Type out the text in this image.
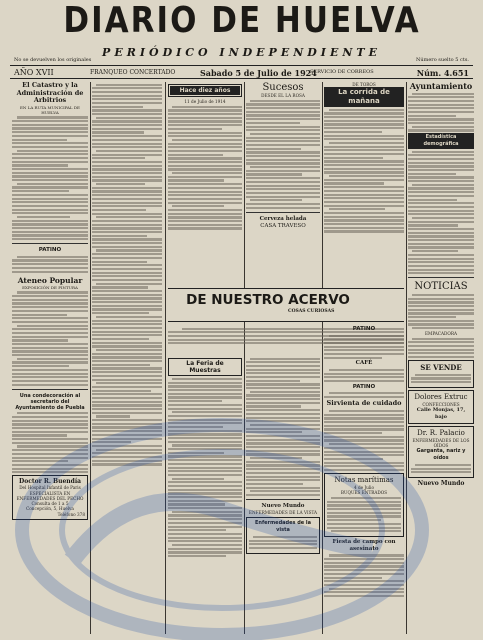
DIARIO DE HUELVA
PERIÓDICO INDEPENDIENTE
No se devuelven los originales	Número suelto 5 cts.
AÑO XVII	FRANQUEO CONCERTADO	Sabado 5 de Julio de 1924
SERVICIO DE CORREOS	Núm. 4.651
El Catastro y la Administración de Arbitrios
EN LA RUTA MUNICIPAL DE HUELVA
PATINO
Ateneo Popular
EXPOSICIÓN DE PINTURA
Una condecoración al secretario del Ayuntamiento de Puebla
Doctor R. Buendía
Del Hospital Infantil de Paris
ESPECIALISTA EN ENFERMEDADES DEL PECHO
Consulta de 1 a 5
Concepción, 5, Huelva
Teléfono 378
Hace diez años
11 de Julio de 1914
Sucesos
DESDE EL LA ROSA
Cerveza helada
CASA TRAVESO
DE NUESTRO ACERVO
COSAS CURIOSAS
La Feria de Muestras
Nuevo Mundo
ENFERMEDADES DE LA VISTA
Enfermedades de la vista
DE TOROS
La corrida de mañana
PATINO
CAFÉ
PATINO
Sirvienta de cuidado
Notas marítimas
4 de Julio
BUQUES ENTRADOS
Fiesta de campo con asesinato
Ayuntamiento
Estadística demográfica
NOTICIAS
EMPACADORA
SE VENDE
Dolores Extruc
CONFECCIONES
Calle Monjas, 17, bajo
Dr. R. Palacio
ENFERMEDADES DE LOS OÍDOS
Garganta, nariz y oídos
Nuevo Mundo
